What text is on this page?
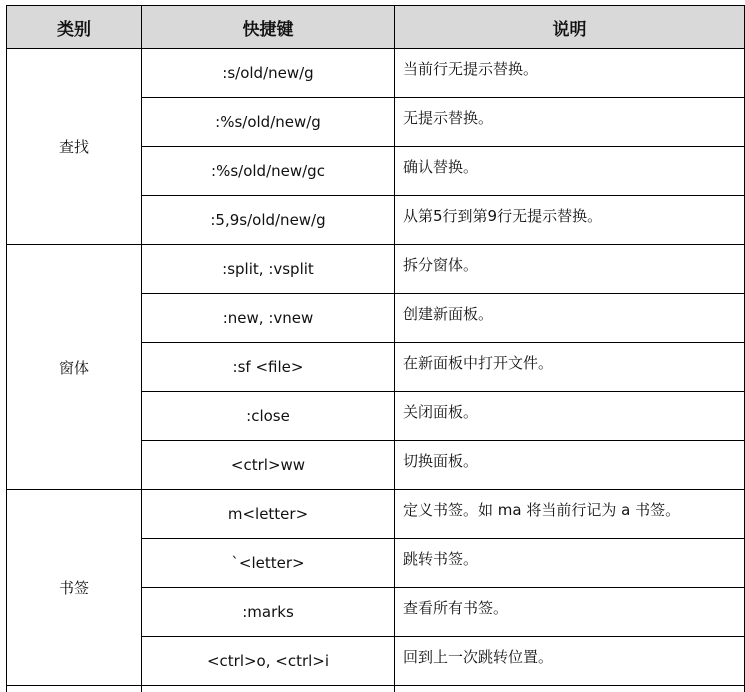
类别	快捷键	说明
查找	:s/old/new/g	当前行无提示替换。
	:%s/old/new/g	无提示替换。
	:%s/old/new/gc	确认替换。
	:5,9s/old/new/g	从第5行到第9行无提示替换。
窗体	:split, :vsplit	拆分窗体。
	:new, :vnew	创建新面板。
	:sf <file>	在新面板中打开文件。
	:close	关闭面板。
	<ctrl>ww	切换面板。
书签	m<letter>	定义书签。如 ma 将当前行记为 a 书签。
	`<letter>	跳转书签。
	:marks	查看所有书签。
	<ctrl>o, <ctrl>i	回到上一次跳转位置。
